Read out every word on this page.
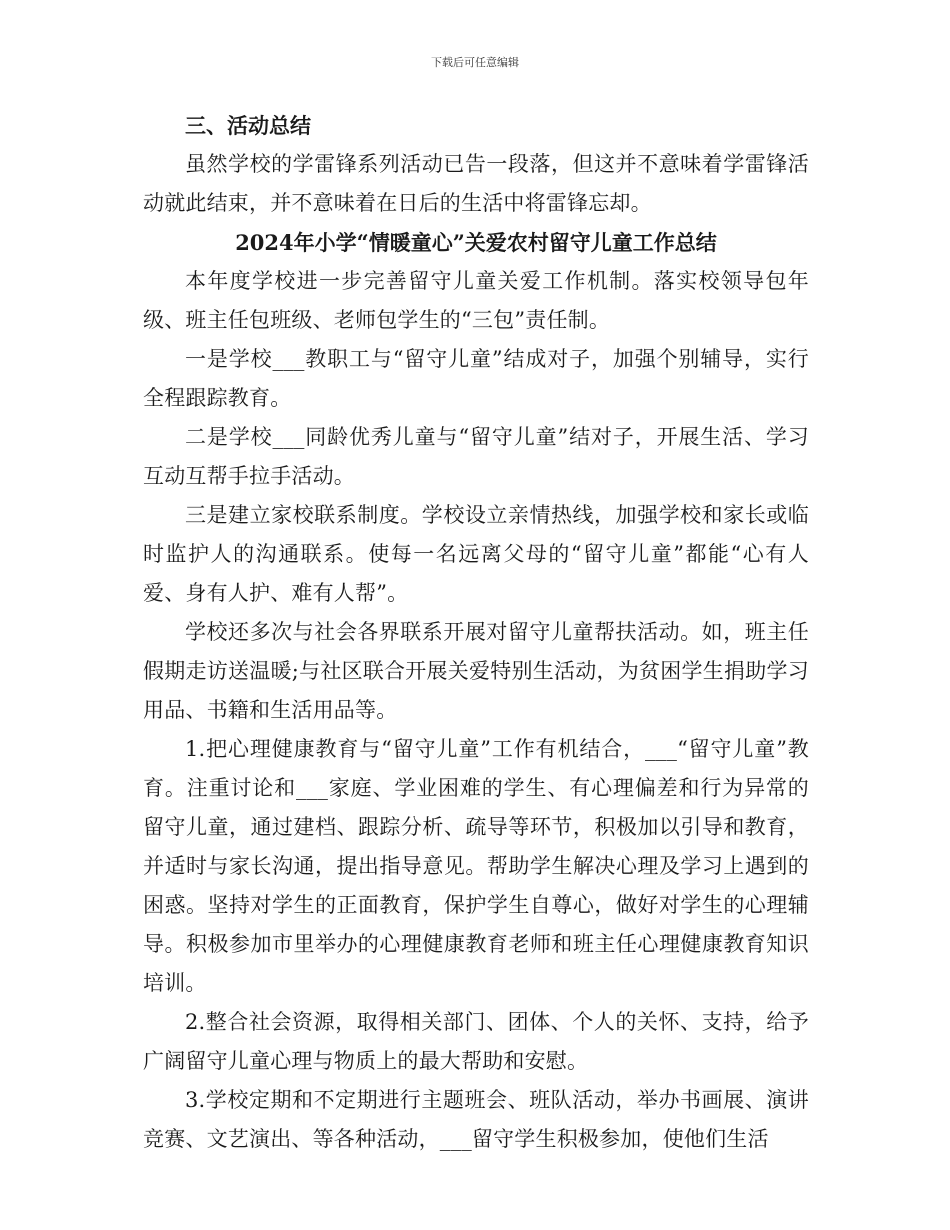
下载后可任意编辑

三、活动总结

虽然学校的学雷锋系列活动已告一段落，但这并不意味着学雷锋活动就此结束，并不意味着在日后的生活中将雷锋忘却。

2024年小学“情暖童心”关爱农村留守儿童工作总结

本年度学校进一步完善留守儿童关爱工作机制。落实校领导包年级、班主任包班级、老师包学生的“三包”责任制。

一是学校___教职工与“留守儿童”结成对子，加强个别辅导，实行全程跟踪教育。

二是学校___同龄优秀儿童与“留守儿童”结对子，开展生活、学习互动互帮手拉手活动。

三是建立家校联系制度。学校设立亲情热线，加强学校和家长或临时监护人的沟通联系。使每一名远离父母的“留守儿童”都能“心有人爱、身有人护、难有人帮”。

学校还多次与社会各界联系开展对留守儿童帮扶活动。如，班主任假期走访送温暖;与社区联合开展关爱特别生活动，为贫困学生捐助学习用品、书籍和生活用品等。

1.把心理健康教育与“留守儿童”工作有机结合，___“留守儿童”教育。注重讨论和___家庭、学业困难的学生、有心理偏差和行为异常的留守儿童，通过建档、跟踪分析、疏导等环节，积极加以引导和教育，并适时与家长沟通，提出指导意见。帮助学生解决心理及学习上遇到的困惑。坚持对学生的正面教育，保护学生自尊心，做好对学生的心理辅导。积极参加市里举办的心理健康教育老师和班主任心理健康教育知识培训。

2.整合社会资源，取得相关部门、团体、个人的关怀、支持，给予广阔留守儿童心理与物质上的最大帮助和安慰。

3.学校定期和不定期进行主题班会、班队活动，举办书画展、演讲竞赛、文艺演出、等各种活动，___留守学生积极参加，使他们生活
